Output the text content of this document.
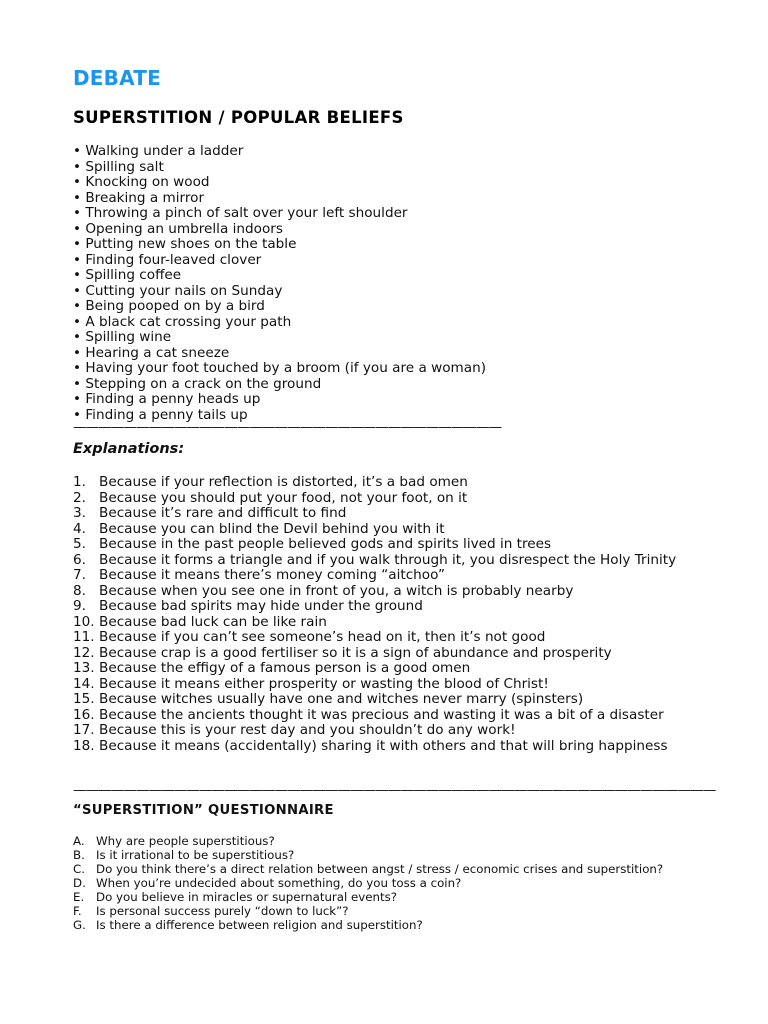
DEBATE
SUPERSTITION / POPULAR BELIEFS
• Walking under a ladder
• Spilling salt
• Knocking on wood
• Breaking a mirror
• Throwing a pinch of salt over your left shoulder
• Opening an umbrella indoors
• Putting new shoes on the table
• Finding four-leaved clover
• Spilling coffee
• Cutting your nails on Sunday
• Being pooped on by a bird
• A black cat crossing your path
• Spilling wine
• Hearing a cat sneeze
• Having your foot touched by a broom (if you are a woman)
• Stepping on a crack on the ground
• Finding a penny heads up
• Finding a penny tails up
——————————————————————————————————
Explanations:
1. Because if your reflection is distorted, it’s a bad omen
2. Because you should put your food, not your foot, on it
3. Because it’s rare and difficult to find
4. Because you can blind the Devil behind you with it
5. Because in the past people believed gods and spirits lived in trees
6. Because it forms a triangle and if you walk through it, you disrespect the Holy Trinity
7. Because it means there’s money coming “aitchoo”
8. Because when you see one in front of you, a witch is probably nearby
9. Because bad spirits may hide under the ground
10. Because bad luck can be like rain
11. Because if you can’t see someone’s head on it, then it’s not good
12. Because crap is a good fertiliser so it is a sign of abundance and prosperity
13. Because the effigy of a famous person is a good omen
14. Because it means either prosperity or wasting the blood of Christ!
15. Because witches usually have one and witches never marry (spinsters)
16. Because the ancients thought it was precious and wasting it was a bit of a disaster
17. Because this is your rest day and you shouldn’t do any work!
18. Because it means (accidentally) sharing it with others and that will bring happiness
———————————————————————————————————————————————————
“SUPERSTITION” QUESTIONNAIRE
A. Why are people superstitious?
B. Is it irrational to be superstitious?
C. Do you think there’s a direct relation between angst / stress / economic crises and superstition?
D. When you’re undecided about something, do you toss a coin?
E. Do you believe in miracles or supernatural events?
F. Is personal success purely “down to luck”?
G. Is there a difference between religion and superstition?
